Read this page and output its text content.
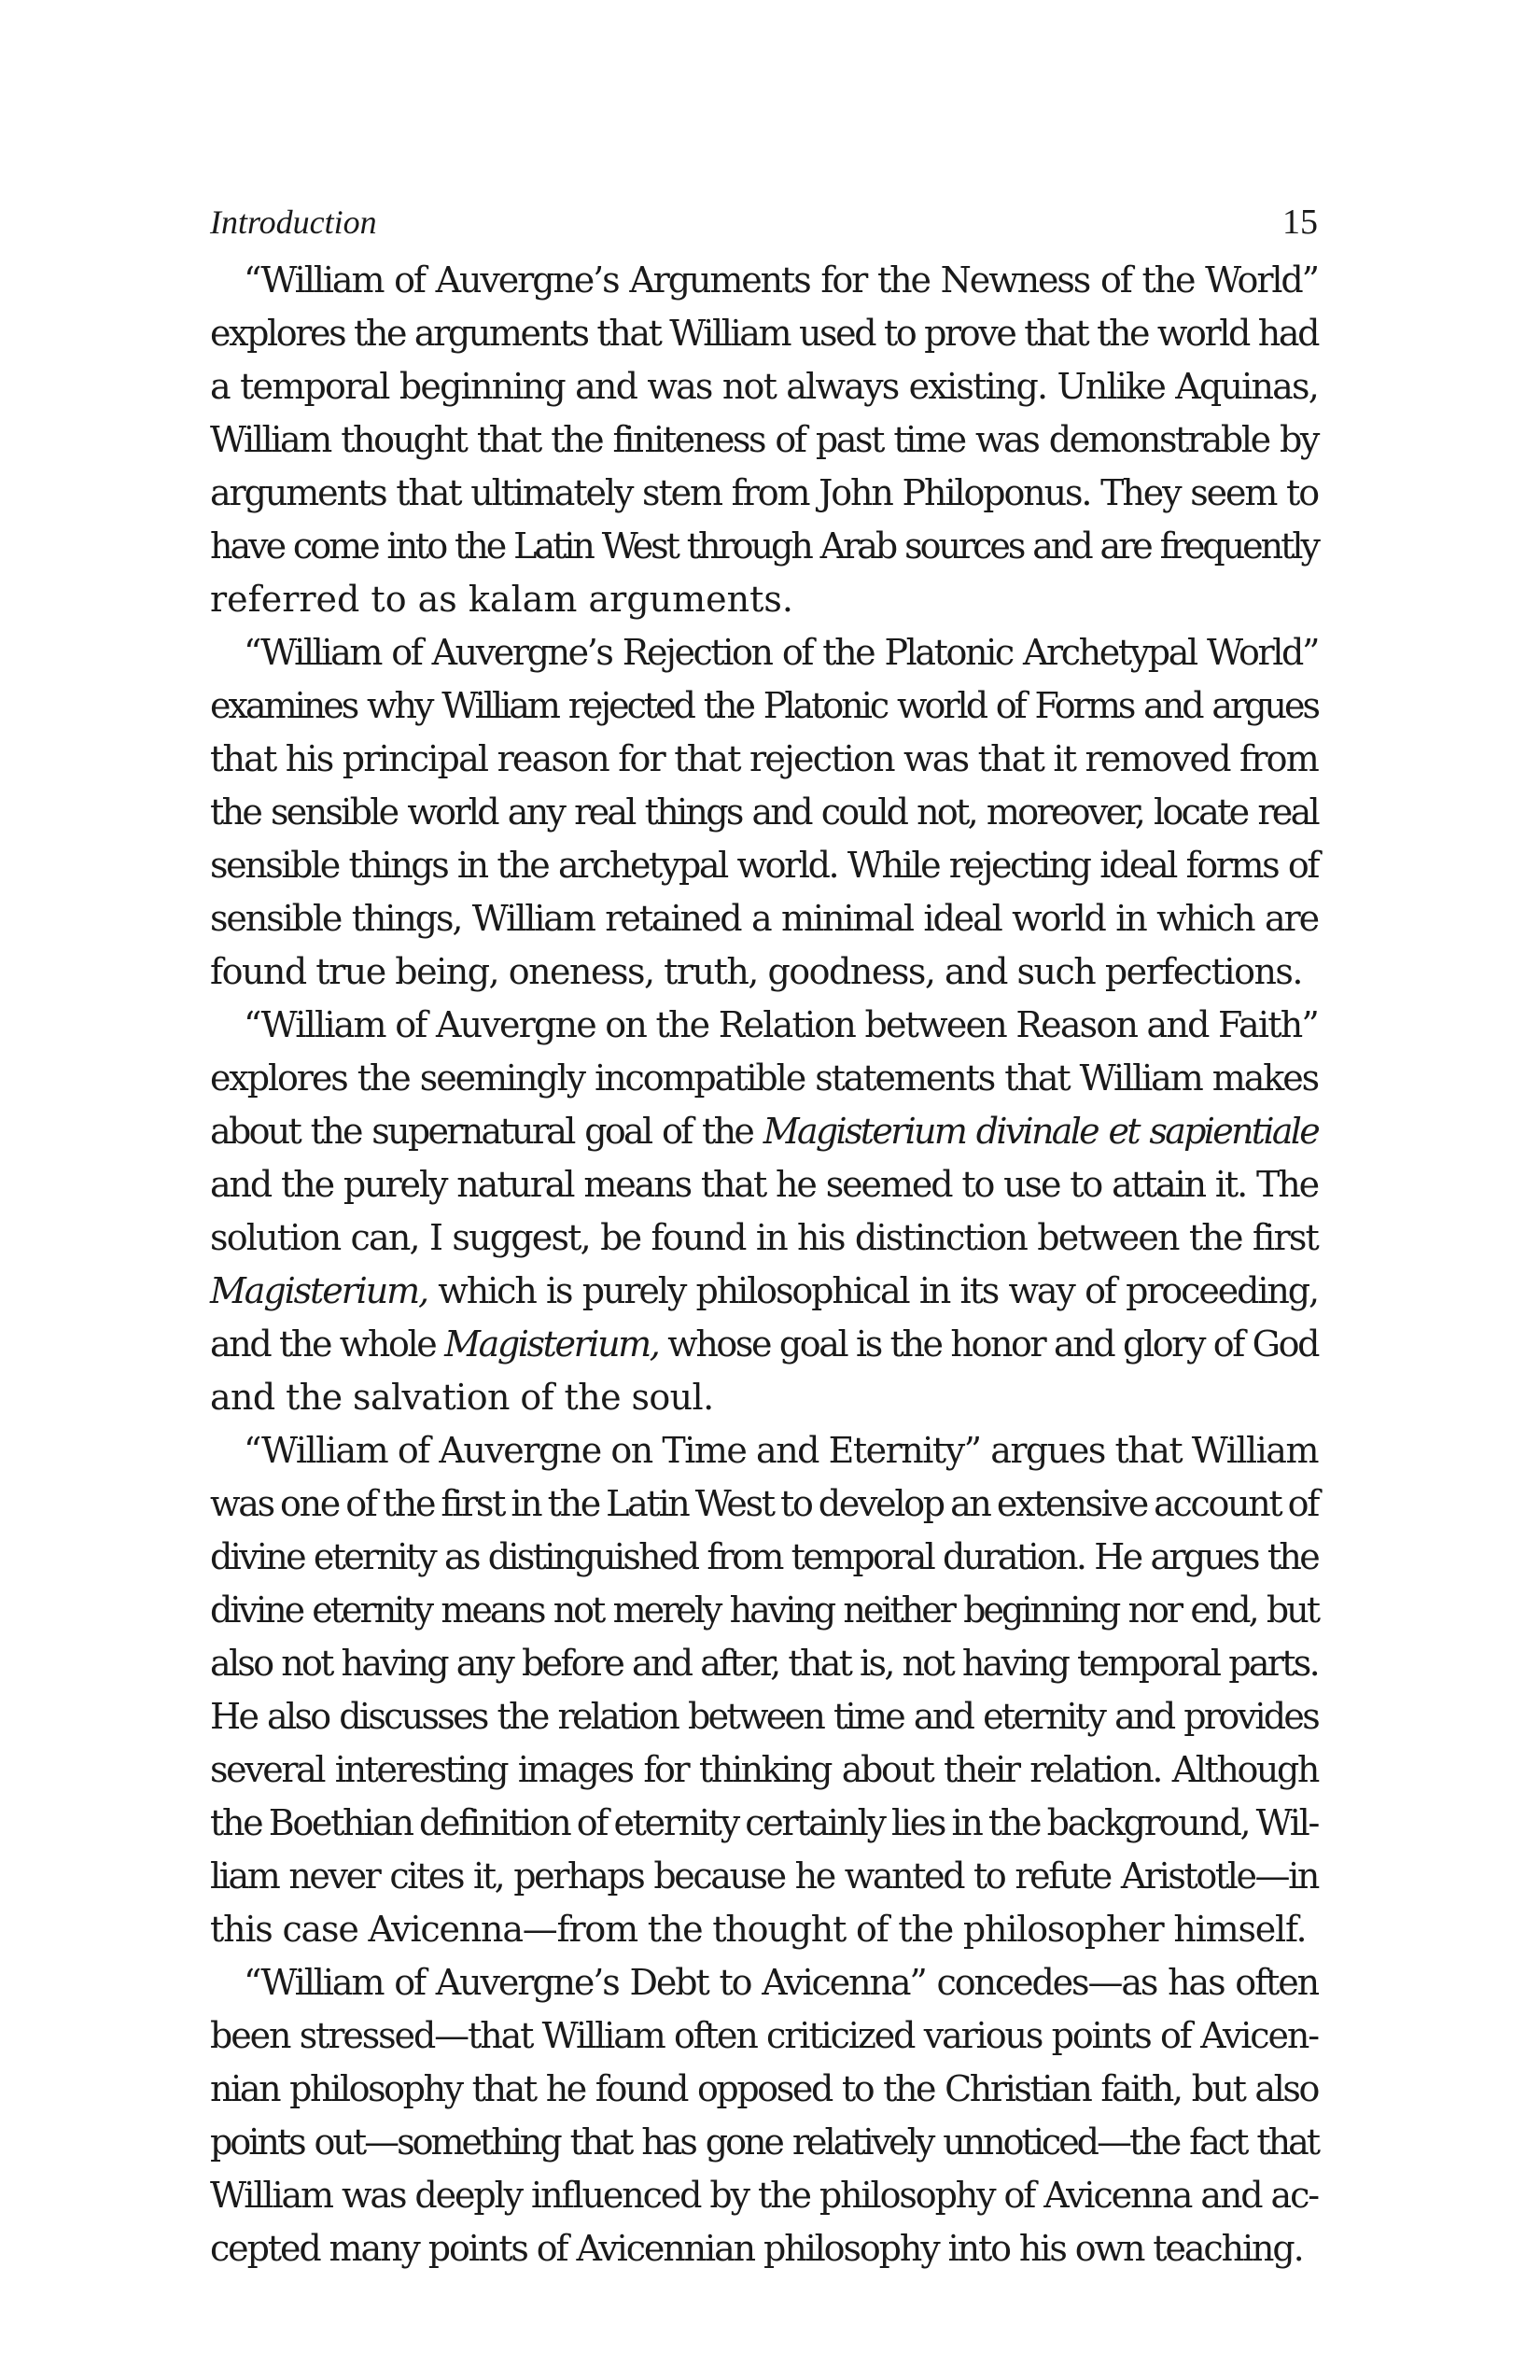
Introduction	15
“William of Auvergne’s Arguments for the Newness of the World”
explores the arguments that William used to prove that the world had
a temporal beginning and was not always existing. Unlike Aquinas,
William thought that the finiteness of past time was demonstrable by
arguments that ultimately stem from John Philoponus. They seem to
have come into the Latin West through Arab sources and are frequently
referred to as kalam arguments.
“William of Auvergne’s Rejection of the Platonic Archetypal World”
examines why William rejected the Platonic world of Forms and argues
that his principal reason for that rejection was that it removed from
the sensible world any real things and could not, moreover, locate real
sensible things in the archetypal world. While rejecting ideal forms of
sensible things, William retained a minimal ideal world in which are
found true being, oneness, truth, goodness, and such perfections.
“William of Auvergne on the Relation between Reason and Faith”
explores the seemingly incompatible statements that William makes
about the supernatural goal of the Magisterium divinale et sapientiale
and the purely natural means that he seemed to use to attain it. The
solution can, I suggest, be found in his distinction between the first
Magisterium, which is purely philosophical in its way of proceeding,
and the whole Magisterium, whose goal is the honor and glory of God
and the salvation of the soul.
“William of Auvergne on Time and Eternity” argues that William
was one of the first in the Latin West to develop an extensive account of
divine eternity as distinguished from temporal duration. He argues the
divine eternity means not merely having neither beginning nor end, but
also not having any before and after, that is, not having temporal parts.
He also discusses the relation between time and eternity and provides
several interesting images for thinking about their relation. Although
the Boethian definition of eternity certainly lies in the background, Wil-
liam never cites it, perhaps because he wanted to refute Aristotle—in
this case Avicenna—from the thought of the philosopher himself.
“William of Auvergne’s Debt to Avicenna” concedes—as has often
been stressed—that William often criticized various points of Avicen-
nian philosophy that he found opposed to the Christian faith, but also
points out—something that has gone relatively unnoticed—the fact that
William was deeply influenced by the philosophy of Avicenna and ac-
cepted many points of Avicennian philosophy into his own teaching.
